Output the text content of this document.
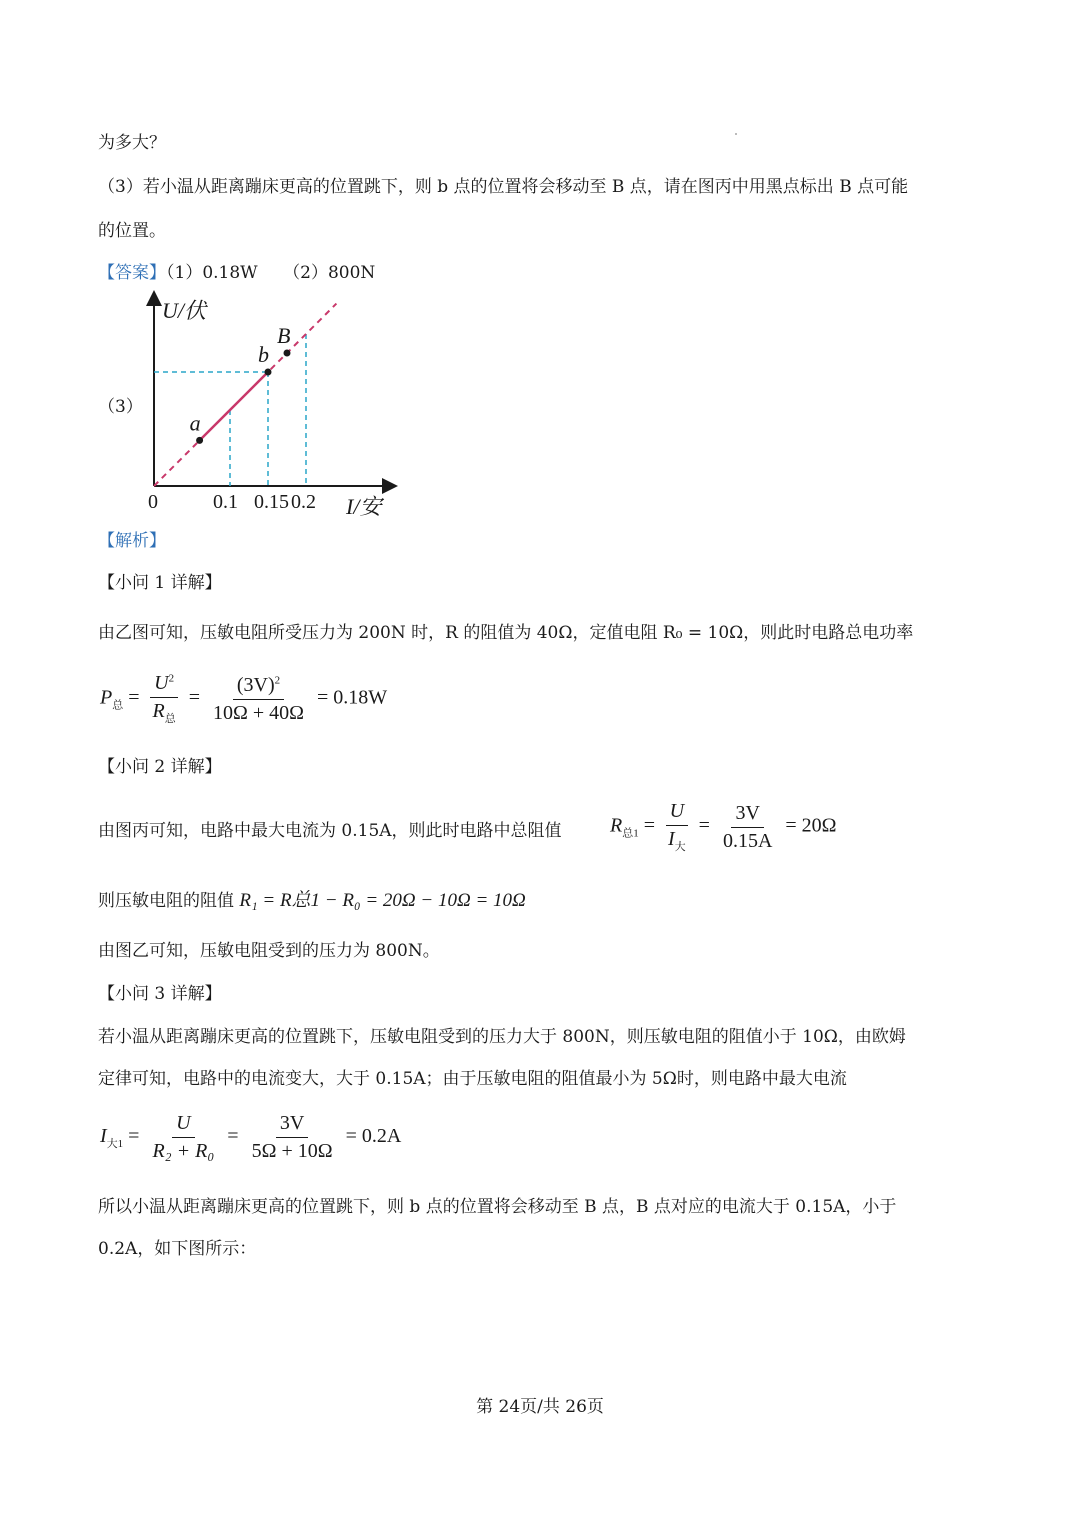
为多大？
（3）若小温从距离蹦床更高的位置跳下，则 b 点的位置将会移动至 B 点，请在图丙中用黑点标出 B 点可能
的位置。
【答案】（1）0.18W　　（2）800N
（3）
a
b
B
U/伏
I/安
0	0.1 0.15 0.2
【解析】
【小问 1 详解】
由乙图可知，压敏电阻所受压力为 200N 时，R 的阻值为 40Ω，定值电阻 R₀ = 10Ω，则此时电路总电功率
$P_总 = \frac{U^2}{R_总} = \frac{(3V)^2}{10\Omega + 40\Omega} = 0.18W$
【小问 2 详解】
由图丙可知，电路中最大电流为 0.15A，则此时电路中总阻值 $R_{总1} = \frac{U}{I_大} = \frac{3V}{0.15A} = 20\Omega$
则压敏电阻的阻值 R₁ = R总1 − R₀ = 20Ω − 10Ω = 10Ω
由图乙可知，压敏电阻受到的压力为 800N。
【小问 3 详解】
若小温从距离蹦床更高的位置跳下，压敏电阻受到的压力大于 800N，则压敏电阻的阻值小于 10Ω，由欧姆
定律可知，电路中的电流变大，大于 0.15A；由于压敏电阻的阻值最小为 5Ω时，则电路中最大电流
$I_{大1} = \frac{U}{\text{R₂ + R₀}} = \frac{3V}{5\Omega + 10\Omega} = 0.2A$
所以小温从距离蹦床更高的位置跳下，则 b 点的位置将会移动至 B 点，B 点对应的电流大于 0.15A，小于
0.2A，如下图所示：
第 24页/共 26页
